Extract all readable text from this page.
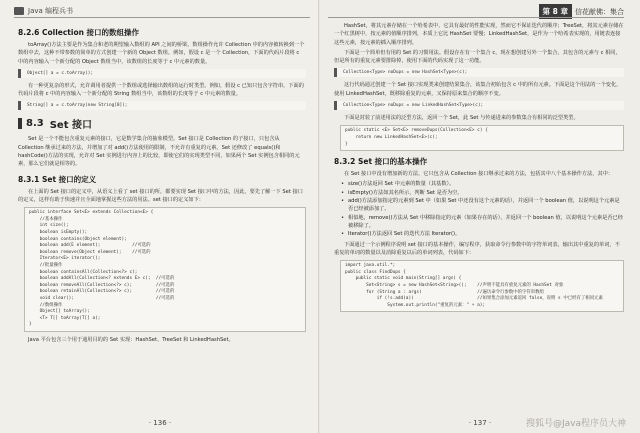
Java 编程兵书
8.2.6 Collection 接口的数组操作

toArray()方法主要是作为集合和老的期望输入数组的 API 之间的桥梁。数组操作允许 Collection 中的内容被转换到一个数组中去，这种不带参数的简单的方式创建一个新的 Object 数组。例如，假设 c 是一个 Collection，下面的代码片段将 c 中的内容输入一个新分配的 Object 数组当中，该数组的长度等于 c 中元素的数量。

Object[] a = c.toArray();

有一种更复杂的形式，允许调用者提供一个数组或选择输出数组的运行时类型。例如，假设 c 已知只包含字符串，下面的代码片段将 c 中的内容输入一个新分配的 String 数组当中，该数组的长度等于 c 中元素的数量。

String[] a = c.toArray(new String[0]);
8.3 Set 接口

Set 是一个不能包含重复元素的接口，它是数学集合的抽象模型。Set 接口是 Collection 的子接口，只包含从 Collection 继承过来的方法，并增加了对 add()方法使用的限制，不允许有重复的元素。Set 还修改了 equals()和 hashCode()方法的实现，允许对 Set 实例进行内容上的比较，即使它们的实现类型不同，如果两个 Set 实例包含相同的元素，那么它们就是相等的。

8.3.1 Set 接口的定义

在上面的 Set 接口的定义中，从语义上看了 set 接口的所，都要实现 Set 接口中的方法，因此，要先了解一下 Set 接口的定义，这样有助于快速并且全面地掌握这些方法的用法。set 接口的定义如下：

public interface Set<E> extends Collection<E> {
//基本操作
int size();
boolean isEmpty();
boolean contains(Object element);
boolean add(E element);            //可选的
boolean remove(Object element);    //可选的
Iterator<E> iterator();
//批量操作
boolean containsAll(Collection<?> c);
boolean addAll(Collection<? extends E> c);  //可选的
boolean removeAll(Collection<?> c);         //可选的
boolean retainAll(Collection<?> c);         //可选的
void clear();                               //可选的
//数组操作
Object[] toArray();
<T> T[] toArray(T[] a);
}

Java 平台包含三个用于通用目的的 Set 实现：HashSet、TreeSet 和 LinkedHashSet。

· 136 ·
第 8 章	信花献佛：集合

HashSet，将其元素存储在一个哈希表中，它具有最好的性能实现，然而它不保证迭代的顺序；TreeSet，将其元素存储在一个红黑树中，按元素的值顺序排列，本质上它比 HashSet 要慢；LinkedHashSet，是作为一个哈希表实现的，用链表连接这些元素，按元素的插入顺序排列。

下面是一个简单但有用的 Set 的习惯用法。假设存在有一个集合 c，现在想创建另外一个集合，其包含的元素与 c 相同，但是所有的重复元素要排除掉，使用下面的代码实现了这一功能。

Collection<Type> noDups = new HashSet<Type>(c);

这行代码通过创建一个 Set 接口实现类来创建结果集合，该集合初始包含 c 中的所有元素。下面是这个用法的一个变化，使用 LinkedHashSet，既移除重复的元素，又保持原来集合的顺序不变。

Collection<Type> noDups = new LinkedHashSet<Type>(c);

下面是封装了前述用法的泛型方法，返回一个 Set，此 Set 与传递进来的参数集合有相同的泛型类型。

public static <E> Set<E> removeDups(Collection<E> c) {
return new LinkedHashSet<E>(c);
}
8.3.2 Set 接口的基本操作

在 Set 接口中没有增加新的方法，它只包含从 Collection 接口继承过来的方法，包括其中八个基本操作方法，其中：

• size()方法返回 Set 中元素的数量（其基数）。
• isEmpty()方法如其名所示，判断 Set 是否为空。
• add()方法添加指定的元素到 Set 中（如果 Set 中还没有这个元素的话），并返回一个 boolean 值，以说明这个元素是否已经被添加了。
• 相似地，remove()方法从 Set 中移除指定的元素（如果存在的话），并返回一个 boolean 值，以说明这个元素是否已经被移除了。
• Iterator()方法返回 Set 的迭代方法 Iterator()。

下面通过一个示例程序说明 set 接口的基本操作，编写程序，获取命令行参数中的字符单词表，输出其中重复的单词，不重复的单词的数量以及消除重复以后的单词列表，代码如下：

import java.util.*;
public class FindDups {
public static void main(String[] args) {
Set<String> s = new HashSet<String>();    //声明不能具有重复元素的 HashSet 对象
for (String a : args)                     //遍历命令行参数中的字符串数组
if (!s.add(a))                        //如果集合添加元素返回 false，说明 s 中已经有了相同元素
System.out.println("重复的元素：" + a);
· 137 ·	搜狐号@Java程序员大神
